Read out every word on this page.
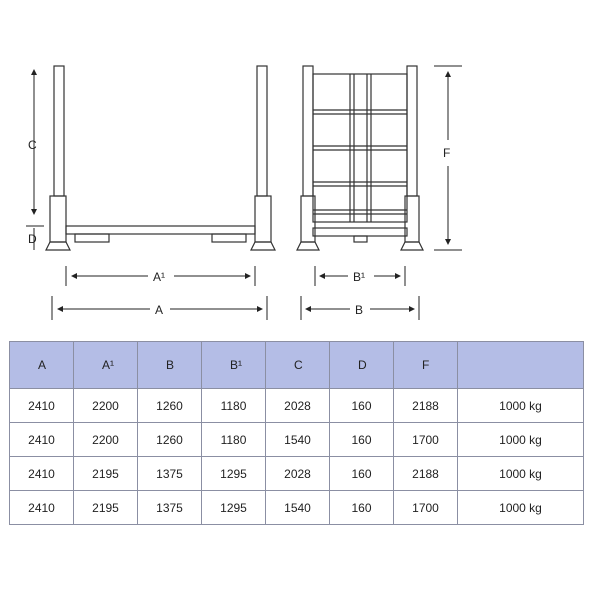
C
D
A¹
A
B¹
B
F
A	A¹	B	B¹	C	D	F	
2410	2200	1260	1180	2028	160	2188	1000 kg
2410	2200	1260	1180	1540	160	1700	1000 kg
2410	2195	1375	1295	2028	160	2188	1000 kg
2410	2195	1375	1295	1540	160	1700	1000 kg
